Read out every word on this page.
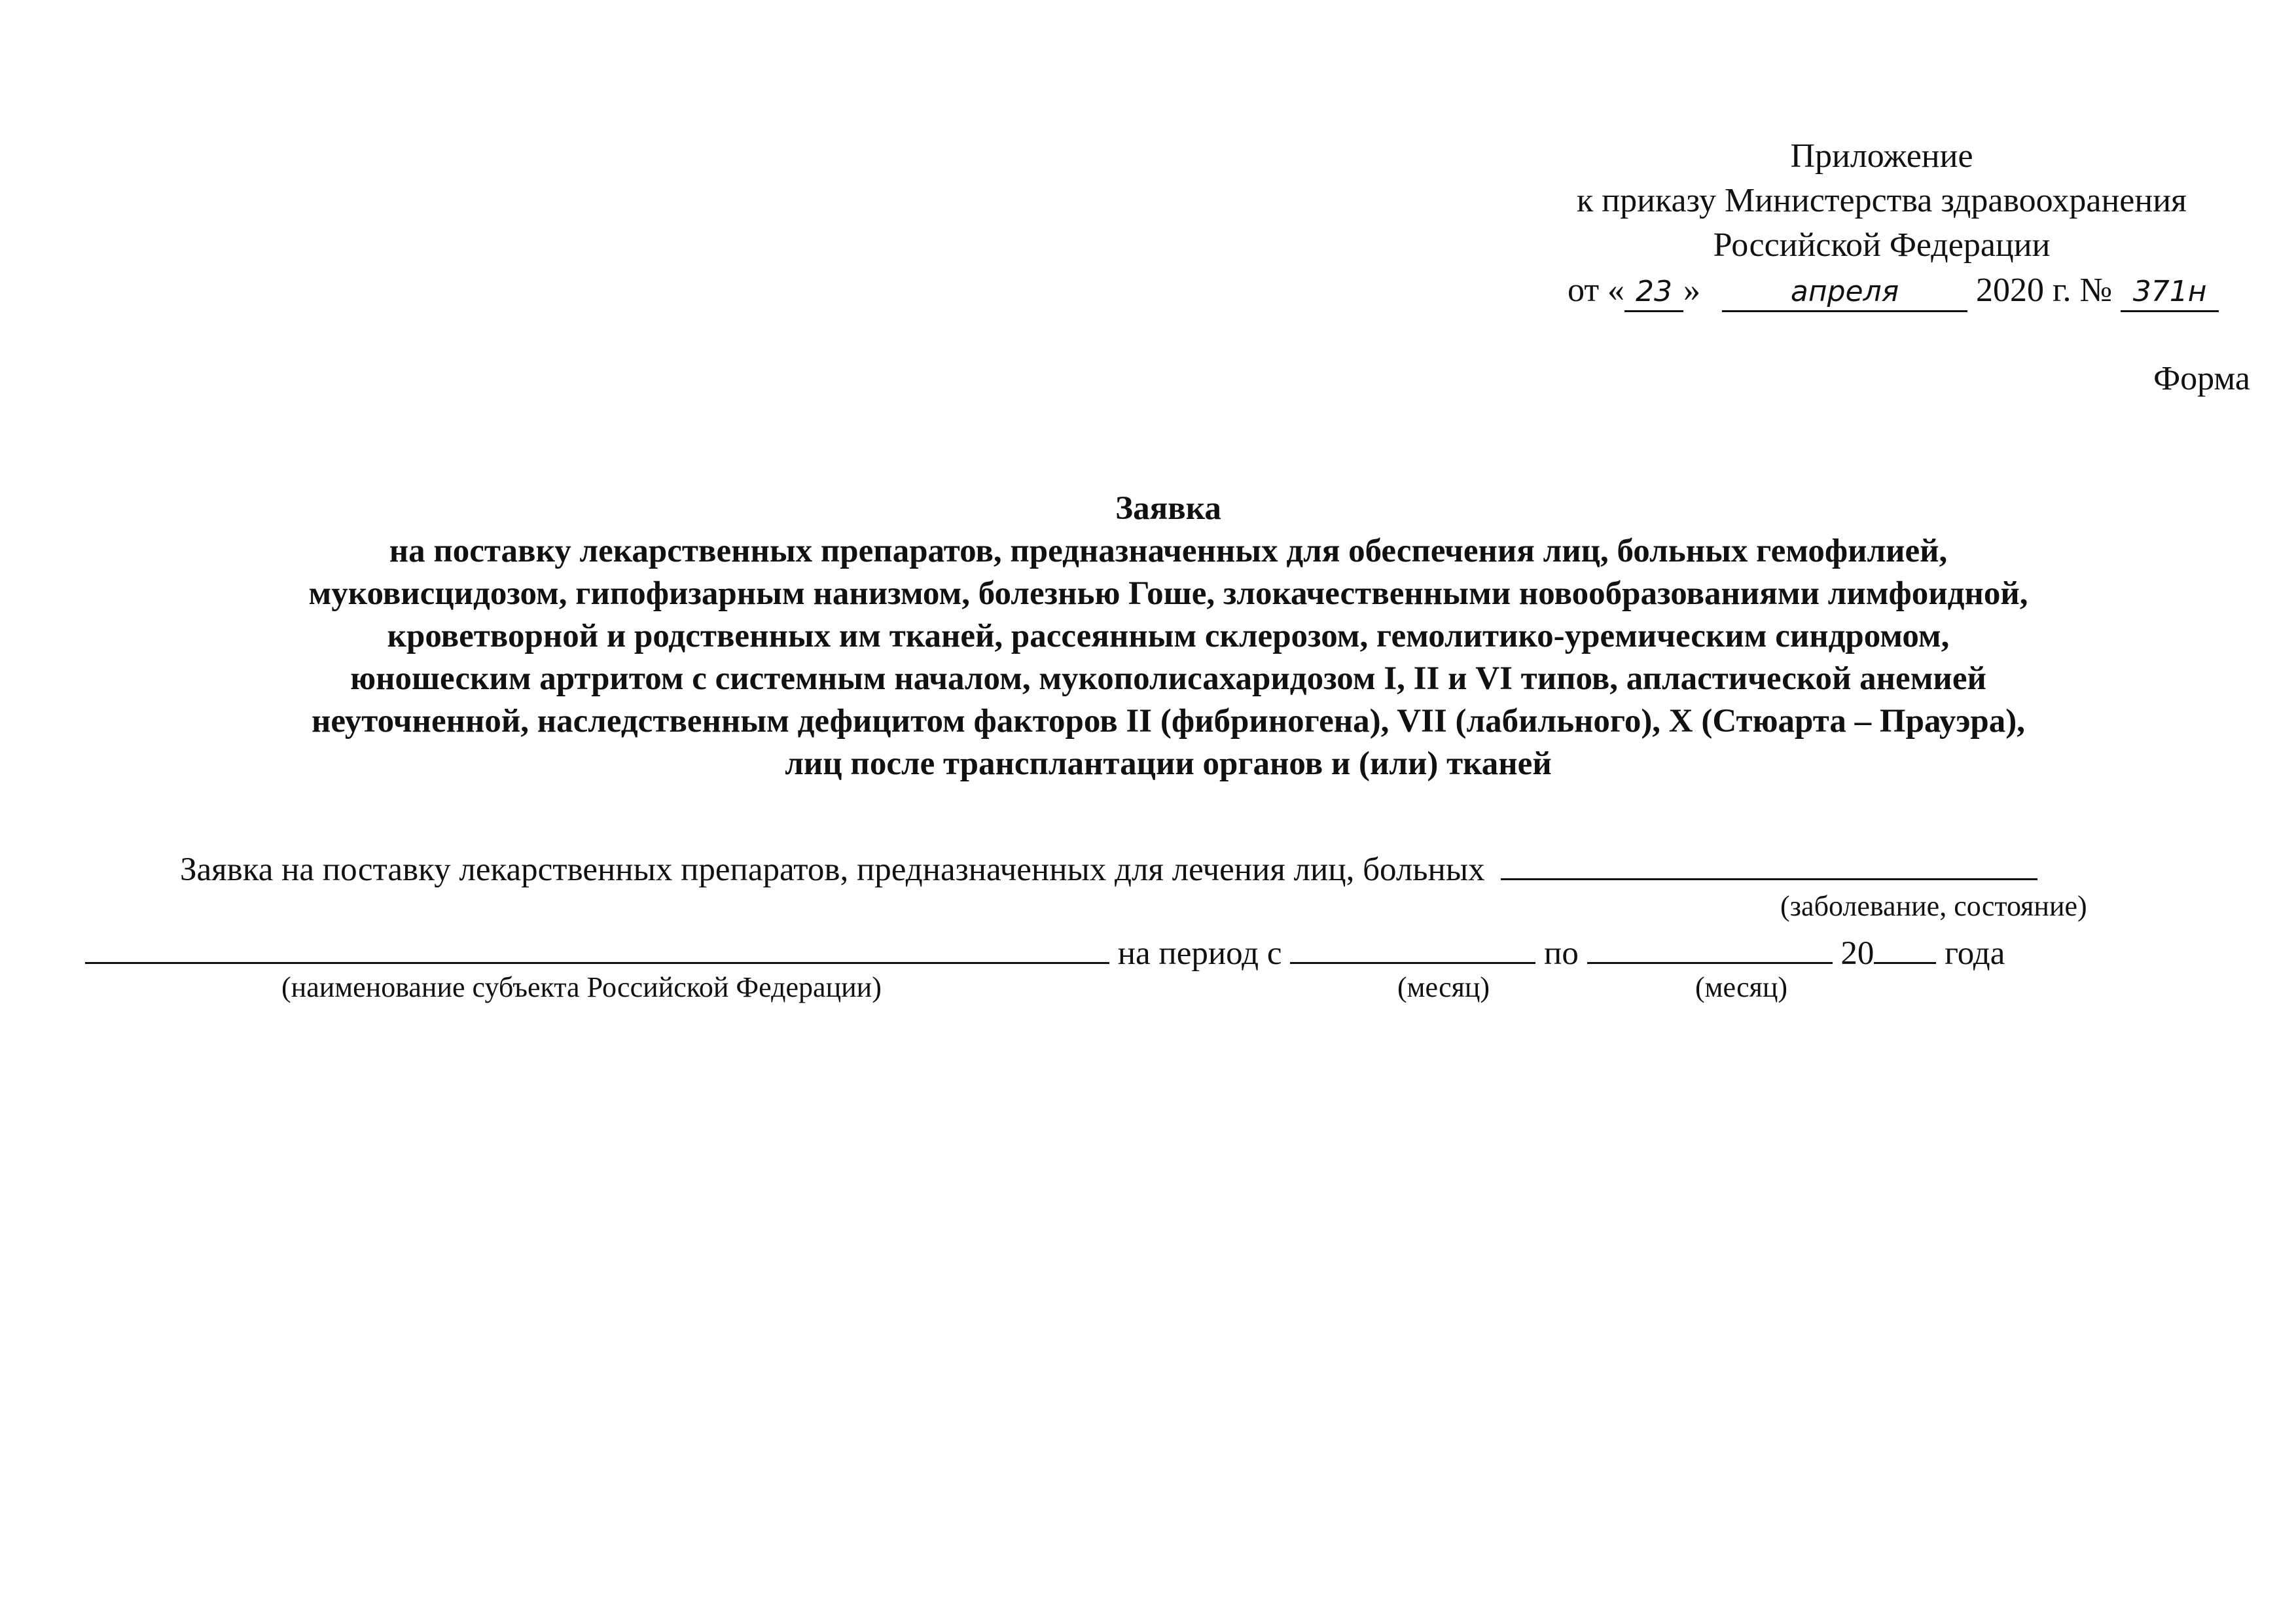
Приложение
к приказу Министерства здравоохранения
Российской Федерации
от « 23 »	апреля 2020 г. № 371н
Форма
Заявка
на поставку лекарственных препаратов, предназначенных для обеспечения лиц, больных гемофилией,
муковисцидозом, гипофизарным нанизмом, болезнью Гоше, злокачественными новообразованиями лимфоидной,
кроветворной и родственных им тканей, рассеянным склерозом, гемолитико-уремическим синдромом,
юношеским артритом с системным началом, мукополисахаридозом I, II и VI типов, апластической анемией
неуточненной, наследственным дефицитом факторов II (фибриногена), VII (лабильного), X (Стюарта – Прауэра),
лиц после трансплантации органов и (или) тканей
Заявка на поставку лекарственных препаратов, предназначенных для лечения лиц, больных
(заболевание, состояние)
на период с	по	20 года
(наименование субъекта Российской Федерации)	(месяц)	(месяц)
